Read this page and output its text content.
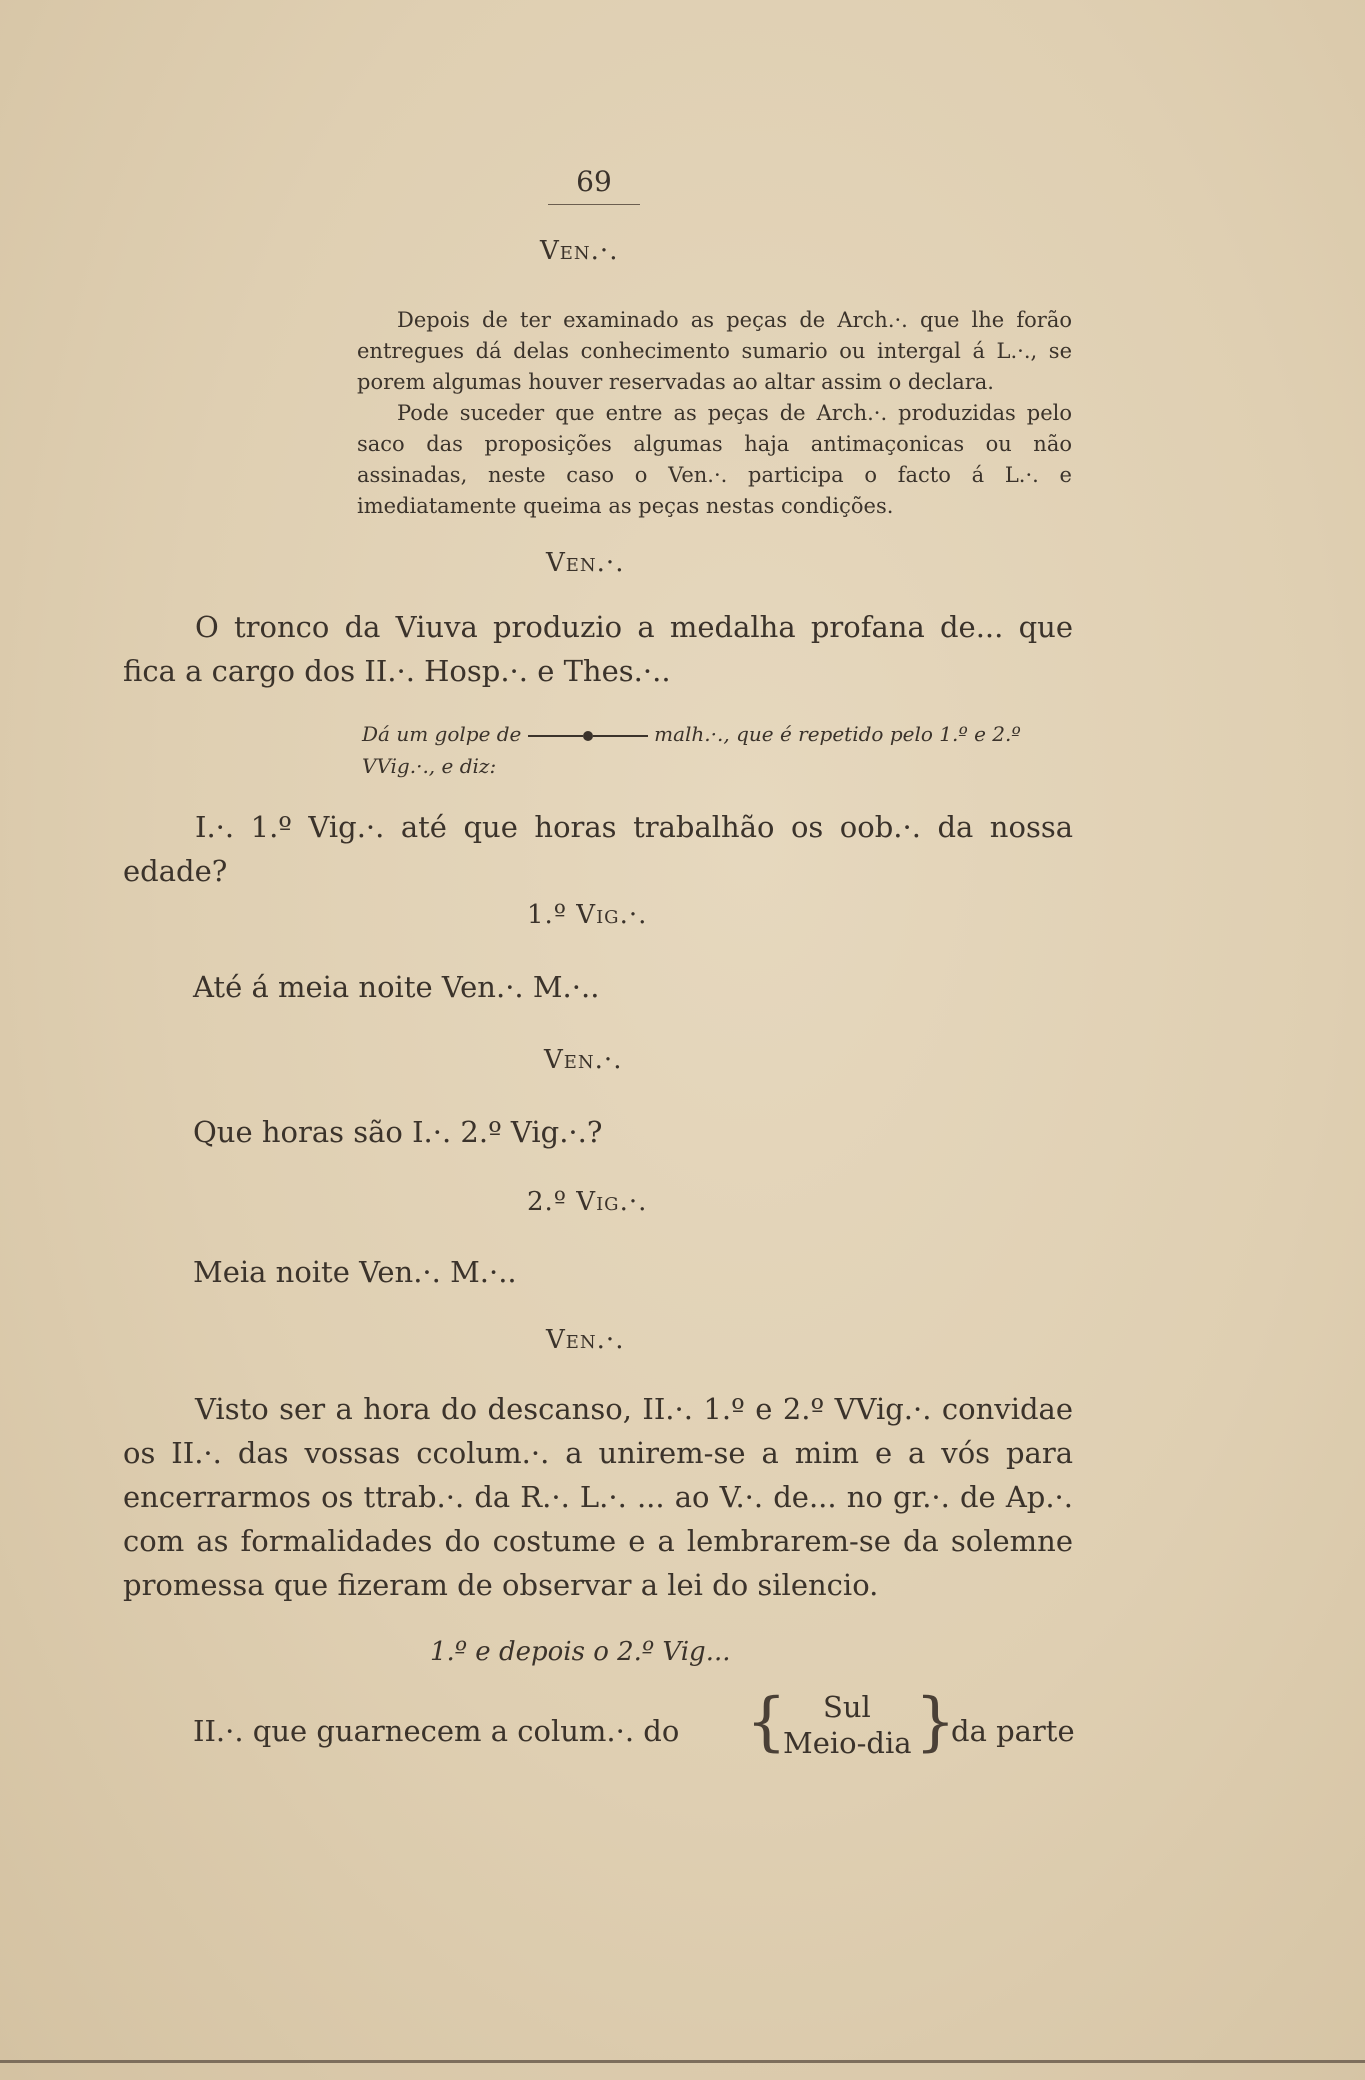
69
Ven.·.

Depois de ter examinado as peças de Arch.·. que lhe forão entregues dá delas conhecimento sumario ou intergal á L.·., se porem algumas houver reservadas ao altar assim o declara.

Pode suceder que entre as peças de Arch.·. produzidas pelo saco das proposições algumas haja antimaçonicas ou não assinadas, neste caso o Ven.·. participa o facto á L.·. e imediatamente queima as peças nestas condições.

Ven.·.

O tronco da Viuva produzio a medalha profana de... que fica a cargo dos II.·. Hosp.·. e Thes.·..

Dá um golpe de	malh.·., que é repetido pelo 1.º e 2.º VVig.·., e diz:

I.·. 1.º Vig.·. até que horas trabalhão os oob.·. da nossa edade?

1.º Vig.·.
Até á meia noite Ven.·. M.·..
Ven.·.
Que horas são I.·. 2.º Vig.·.?
2.º Vig.·.
Meia noite Ven.·. M.·..
Ven.·.

Visto ser a hora do descanso, II.·. 1.º e 2.º VVig.·. convidae os II.·. das vossas ccolum.·. a unirem-se a mim e a vós para encerrarmos os ttrab.·. da R.·. L.·. ... ao V.·. de... no gr.·. de Ap.·. com as formalidades do costume e a lembrarem-se da solemne promessa que fizeram de observar a lei do silencio.

1.º e depois o 2.º Vig...
II.·. que guarnecem a colum.·. do { Sul
Meio-dia }
da parte
